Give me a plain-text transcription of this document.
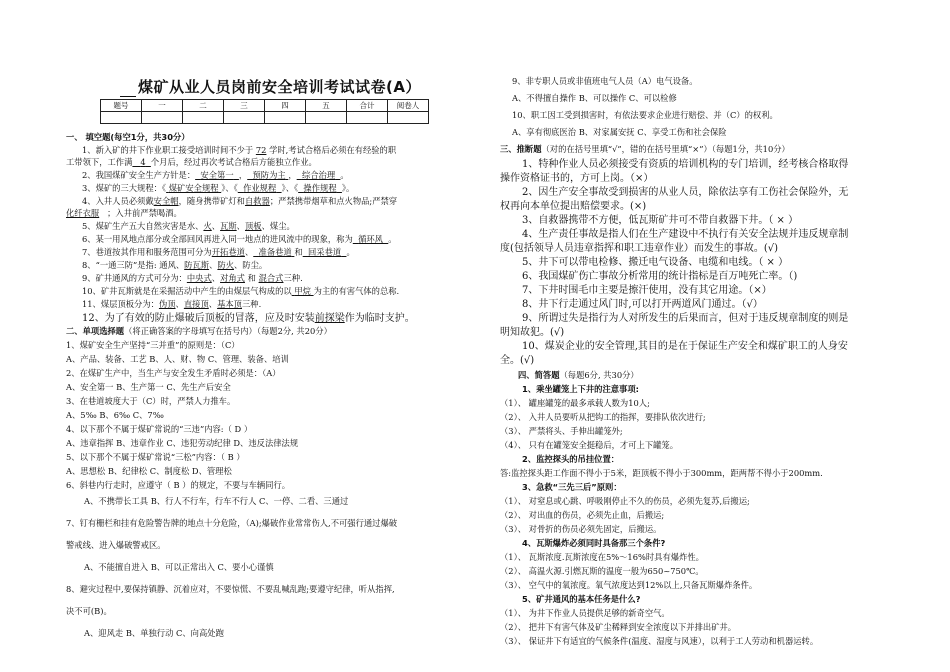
煤矿从业人员岗前安全培训考试试卷(A）
题号	一	二	三	四	五	合计	阅卷人

一、 填空题(每空1分，共30分）
1、新入矿的井下作业职工接受培训时间不少于 72 学时,考试合格后必须在有经验的职
工带领下，工作满 4 个月后，经过再次考试合格后方能独立作业。
2、我国煤矿安全生产方针是： 安全第一 ， 预防为主 ， 综合治理 。
3、煤矿的三大规程：《 煤矿安全规程 》、《 作业规程 》、《 操作规程 》。
4、入井人员必须戴安全帽，随身携带矿灯和自救器；严禁携带烟草和点火物品;严禁穿
化纤衣服 ；入井前严禁喝酒。
5、煤矿生产五大自然灾害是水、火、瓦斯、顶板、煤尘。
6、某一用风地点部分或全部回风再进入同一地点的进风流中的现象，称为 循环风 。
7、巷道按其作用和服务范围可分为开拓巷道、 准备巷道 和 回采巷道 。
8、“一通三防”是指: 通风、防瓦斯、防火、防尘。
9、矿井通风的方式可分为：中央式、对角式 和 混合式三种.
10、矿井瓦斯就是在采掘活动中产生的由煤层气构成的以 甲烷 为主的有害气体的总称.
11、煤层顶板分为：伪顶、直接顶、基本顶三种.
12、为了有效的防止爆破后顶板的冒落，应及时安装前探梁作为临时支护。
二、单项选择题（将正确答案的字母填写在括号内）（每题2分, 共20分）
1、煤矿安全生产坚持“三并重”的原则是：（C）
A、产品、装备、工艺 B、人、财、物 C、管理、装备、培训
2、在煤矿生产中，当生产与安全发生矛盾时必须是：（A）
A、安全第一 B、生产第一 C、先生产后安全
3、在巷道坡度大于（C）时，严禁人力推车。
A、5‰ B、6‰ C、7‰
4、以下那个不属于煤矿常说的“三违”内容:（ D ）
A、违章指挥 B、违章作业 C、违犯劳动纪律 D、违反法律法规
5、以下那个不属于煤矿常说“三松”内容：（ B ）
A、思想松 B、纪律松 C、制度松 D、管理松
6、斜巷内行走时，应遵守（ B ）的规定，不要与车辆同行。
A、不携带长工具 B、行人不行车，行车不行人 C、一停、二看、三通过
7、钉有栅栏和挂有危险警告牌的地点十分危险，（A);爆破作业常常伤人,不可强行通过爆破
警戒线、进入爆破警戒区。
A、不能擅自进入 B、可以正常出入 C、要小心谨慎
8、避灾过程中,要保持镇静、沉着应对，不要惊慌、不要乱喊乱跑;要遵守纪律，听从指挥,
决不可(B)。
A、迎风走 B、单独行动 C、向高处跑
9、非专职人员或非值班电气人员（A）电气设备。
A、不得擅自操作 B、可以操作 C、可以检修
10、职工因工受到损害时，有依法要求企业进行赔偿、并（C）的权利。
A、享有彻底医治 B、对家属安抚 C、享受工伤和社会保险
三、推断题（对的在括号里填“√”，错的在括号里填“×”）（每题1分，共10分）
1、特种作业人员必须接受有资质的培训机构的专门培训，经考核合格取得
操作资格证书的，方可上岗。（×）
2、因生产安全事故受到损害的从业人员，除依法享有工伤社会保险外，无
权再向本单位提出赔偿要求。(×)
3、自救器携带不方便，低瓦斯矿井可不带自救器下井。（ × ）
4、生产责任事故是指人们在生产建设中不执行有关安全法规并违反规章制
度(包括领导人员违章指挥和职工违章作业）而发生的事故。(√)
5、井下可以带电检修、搬迁电气设备、电缆和电线。（ × ）
6、我国煤矿伤亡事故分析常用的统计指标是百万吨死亡率。（)
7、下井时围毛巾主要是擦汗使用，没有其它用途。（×）
8、井下行走通过风门时,可以打开两道风门通过。（√）
9、所谓过失是指行为人对所发生的后果而言，但对于违反规章制度的则是
明知故犯。(√)
10、煤炭企业的安全管理,其目的是在于保证生产安全和煤矿职工的人身安
全。(√)
四、简答题（每题6分, 共30分）
1、乘坐罐笼上下井的注意事项:
（1）、 罐座罐笼的最多承载人数为10人;
（2）、 入井人员要听从把钩工的指挥，要排队依次进行;
（3）、 严禁将头、手伸出罐笼外;
（4）、 只有在罐笼安全挺稳后，才可上下罐笼。
2、监控探头的吊挂位置：
答:监控探头距工作面不得小于5米，距顶板不得小于300mm，距两帮不得小于200mm.
3、急救“三先三后”原则：
（1）、 对窒息或心跳、呼吸刚停止不久的伤员，必须先复苏,后搬运;
（2）、 对出血的伤员，必须先止血，后搬运;
（3）、 对骨折的伤员必须先固定，后搬运。
4、瓦斯爆炸必须同时具备那三个条件?
（1）、 瓦斯浓度.瓦斯浓度在5%～16%时具有爆炸性。
（2）、 高温火源.引燃瓦斯的温度一般为650~750℃。
（3）、 空气中的氧浓度。氧气浓度达到12%以上,只备瓦斯爆炸条件。
5、矿井通风的基本任务是什么?
（1）、 为井下作业人员提供足够的新奇空气。
（2）、 把井下有害气体及矿尘稀释到安全浓度以下并排出矿井。
（3）、 保证井下有适宜的气候条件(温度、湿度与风速），以利于工人劳动和机器运转。
